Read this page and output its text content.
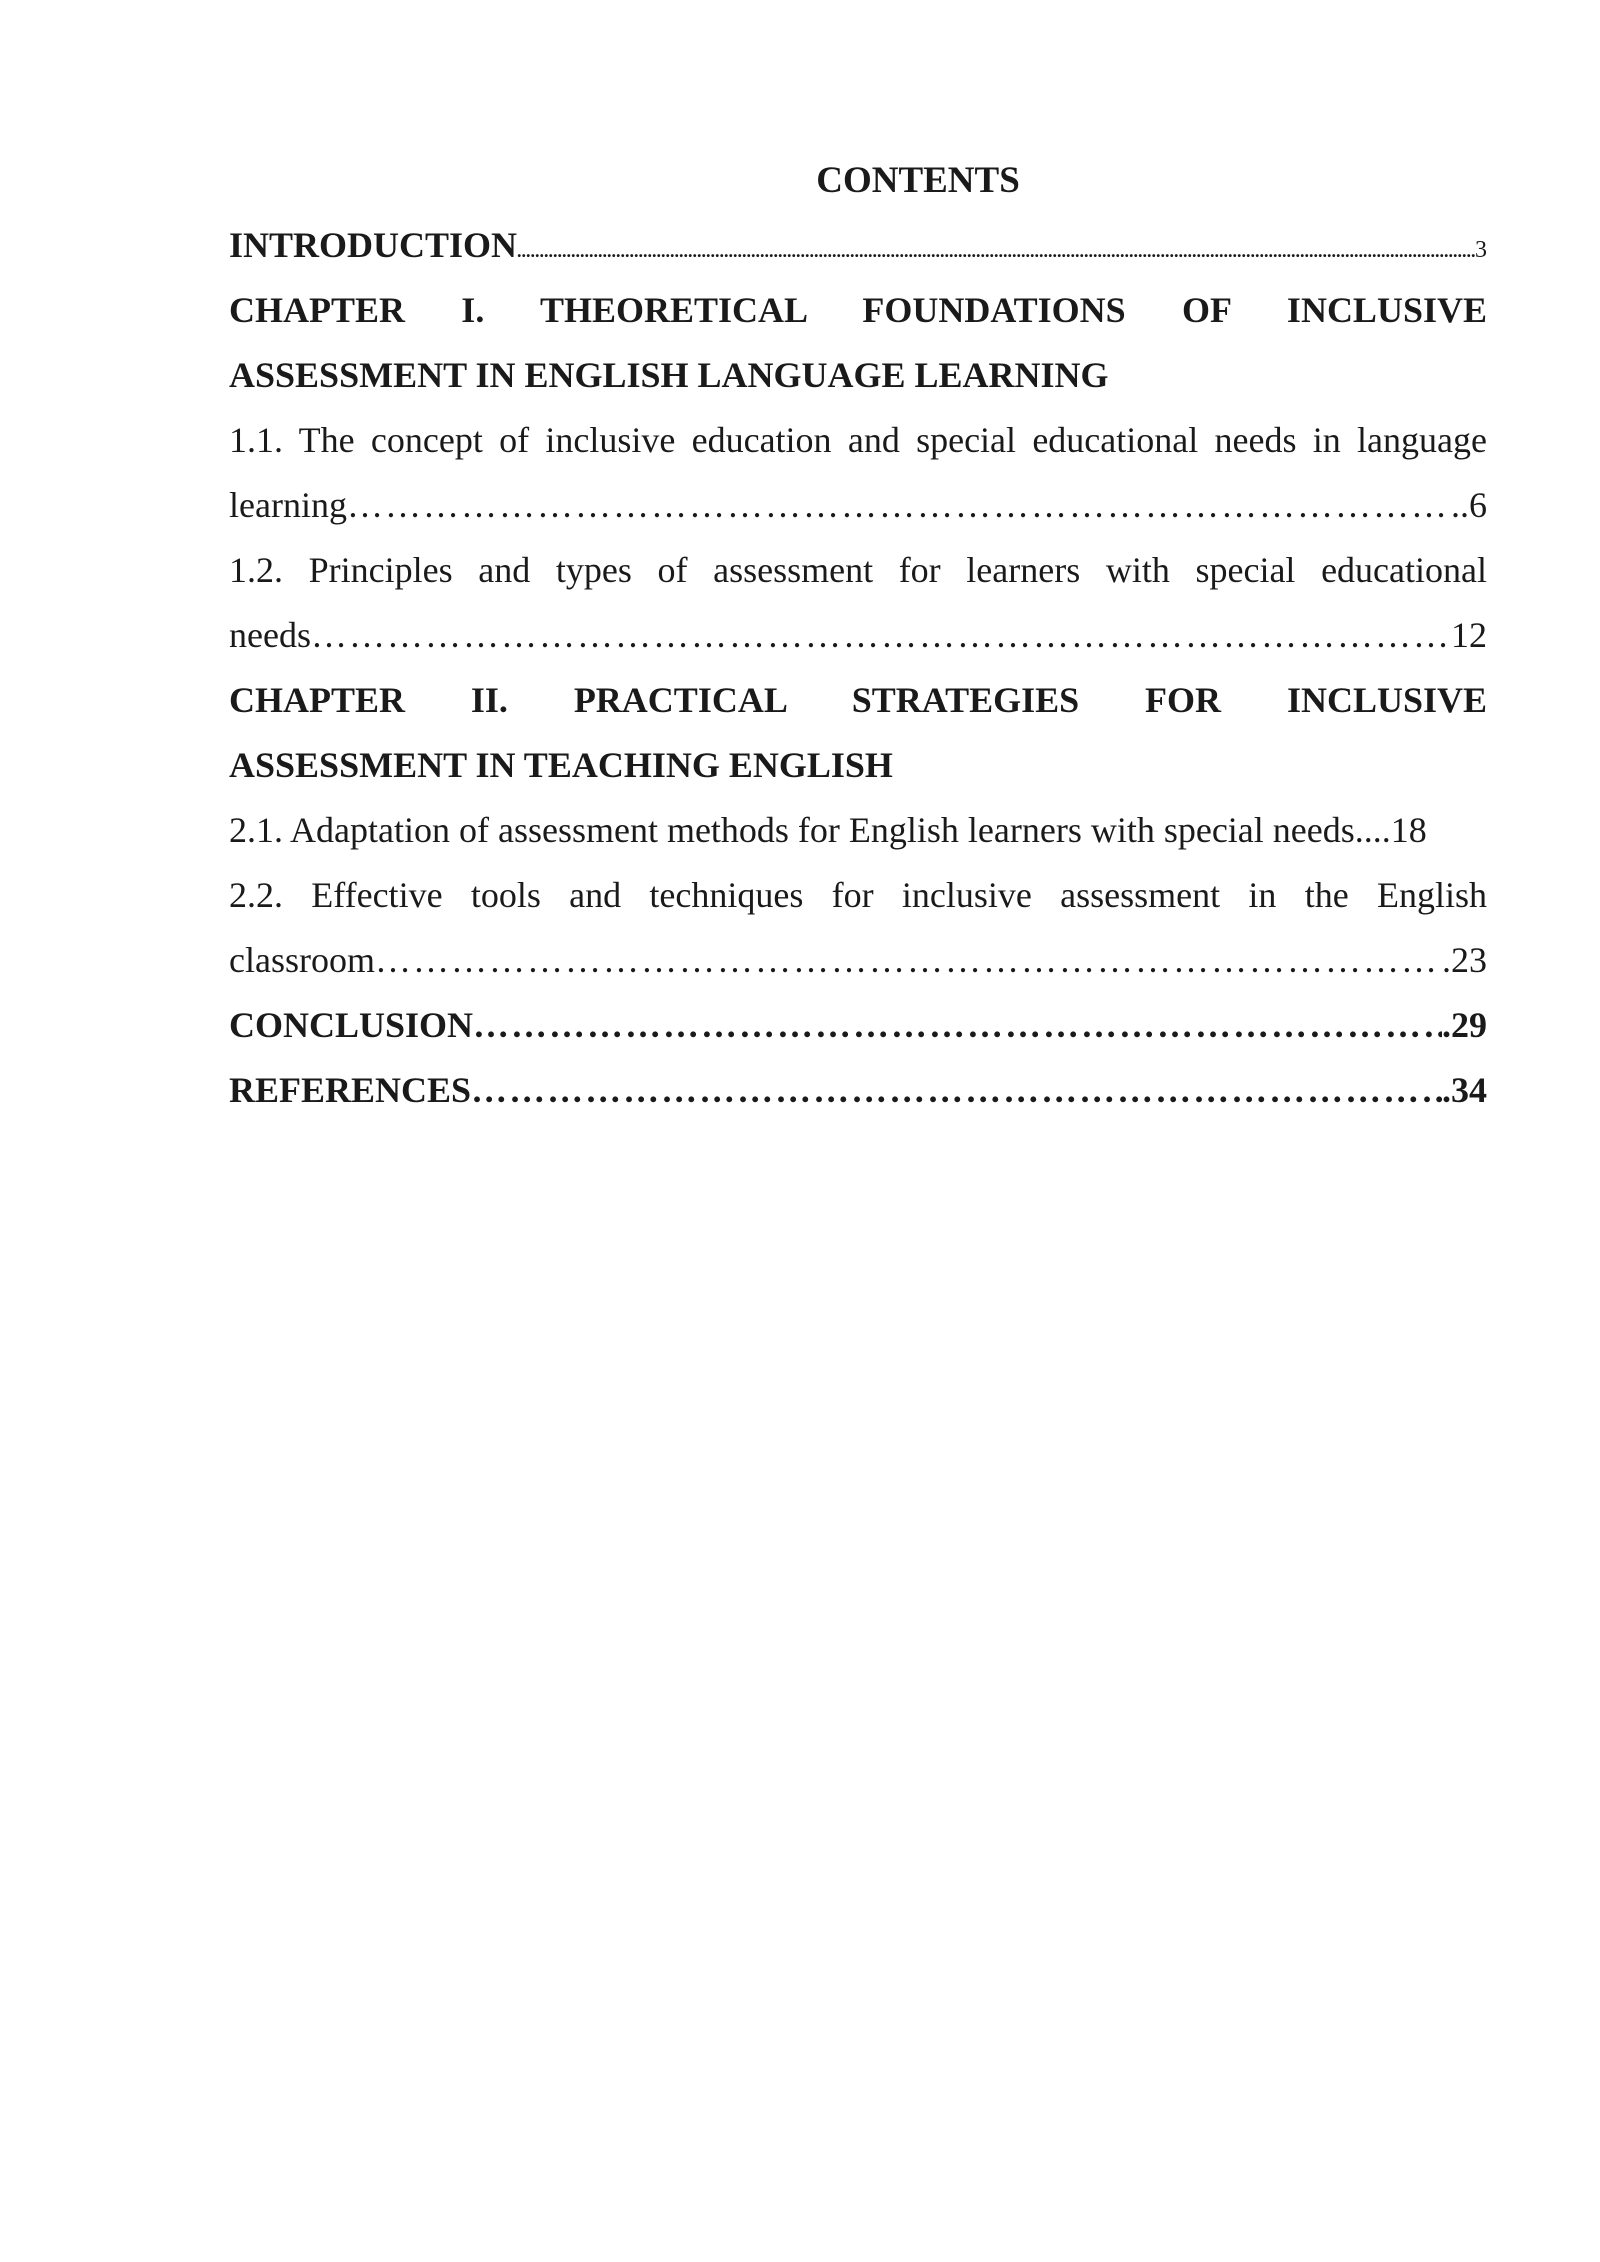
CONTENTS
INTRODUCTION .....	3
CHAPTER I. THEORETICAL FOUNDATIONS OF INCLUSIVE
ASSESSMENT IN ENGLISH LANGUAGE LEARNING
1.1. The concept of inclusive education and special educational needs in language
learning ………………………………………………………………………………………………………………………………………………………………………………………………………………………………………	..6
1.2. Principles and types of assessment for learners with special educational
needs ………………………………………………………………………………………………………………………………………………………………………………………………………………………………………	12
CHAPTER II. PRACTICAL STRATEGIES FOR INCLUSIVE
ASSESSMENT IN TEACHING ENGLISH
2.1. Adaptation of assessment methods for English learners with special needs....18
2.2. Effective tools and techniques for inclusive assessment in the English
classroom ………………………………………………………………………………………………………………………………………………………………………………………………………………………………………	.23
CONCLUSION ………………………………………………………………………………………………………………………………………………………………………………………………………………………………………	.29
REFERENCES ………………………………………………………………………………………………………………………………………………………………………………………………………………………………………	.34
